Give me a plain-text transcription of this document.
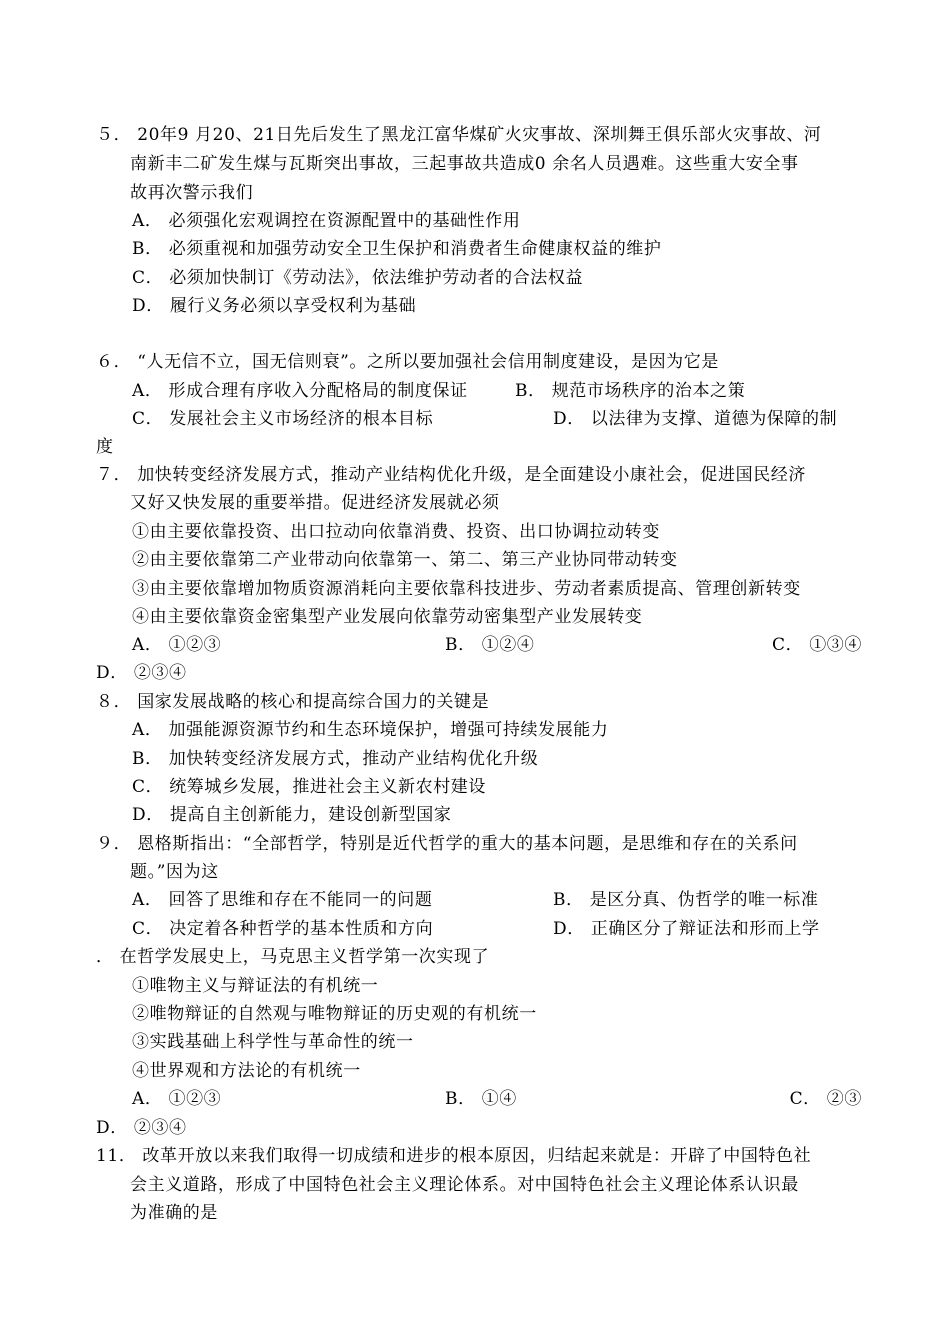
５． 20年9 月20、21日先后发生了黑龙江富华煤矿火灾事故、深圳舞王俱乐部火灾事故、河
南新丰二矿发生煤与瓦斯突出事故，三起事故共造成0 余名人员遇难。这些重大安全事
故再次警示我们
A． 必须强化宏观调控在资源配置中的基础性作用
B． 必须重视和加强劳动安全卫生保护和消费者生命健康权益的维护
C． 必须加快制订《劳动法》，依法维护劳动者的合法权益
D． 履行义务必须以享受权利为基础
６． “人无信不立，国无信则衰”。之所以要加强社会信用制度建设，是因为它是
A． 形成合理有序收入分配格局的制度保证	B． 规范市场秩序的治本之策
C． 发展社会主义市场经济的根本目标	D． 以法律为支撑、道德为保障的制
度
７． 加快转变经济发展方式，推动产业结构优化升级，是全面建设小康社会，促进国民经济
又好又快发展的重要举措。促进经济发展就必须
①由主要依靠投资、出口拉动向依靠消费、投资、出口协调拉动转变
②由主要依靠第二产业带动向依靠第一、第二、第三产业协同带动转变
③由主要依靠增加物质资源消耗向主要依靠科技进步、劳动者素质提高、管理创新转变
④由主要依靠资金密集型产业发展向依靠劳动密集型产业发展转变
A． ①②③	B． ①②④	C． ①③④
D． ②③④
８． 国家发展战略的核心和提高综合国力的关键是
A． 加强能源资源节约和生态环境保护，增强可持续发展能力
B． 加快转变经济发展方式，推动产业结构优化升级
C． 统筹城乡发展，推进社会主义新农村建设
D． 提高自主创新能力，建设创新型国家
９． 恩格斯指出：“全部哲学，特别是近代哲学的重大的基本问题，是思维和存在的关系问
题。”因为这
A． 回答了思维和存在不能同一的问题	B． 是区分真、伪哲学的唯一标准
C． 决定着各种哲学的基本性质和方向	D． 正确区分了辩证法和形而上学
． 在哲学发展史上，马克思主义哲学第一次实现了
①唯物主义与辩证法的有机统一
②唯物辩证的自然观与唯物辩证的历史观的有机统一
③实践基础上科学性与革命性的统一
④世界观和方法论的有机统一
A． ①②③	B． ①④	C． ②③
D． ②③④
11． 改革开放以来我们取得一切成绩和进步的根本原因，归结起来就是：开辟了中国特色社
会主义道路，形成了中国特色社会主义理论体系。对中国特色社会主义理论体系认识最
为准确的是
